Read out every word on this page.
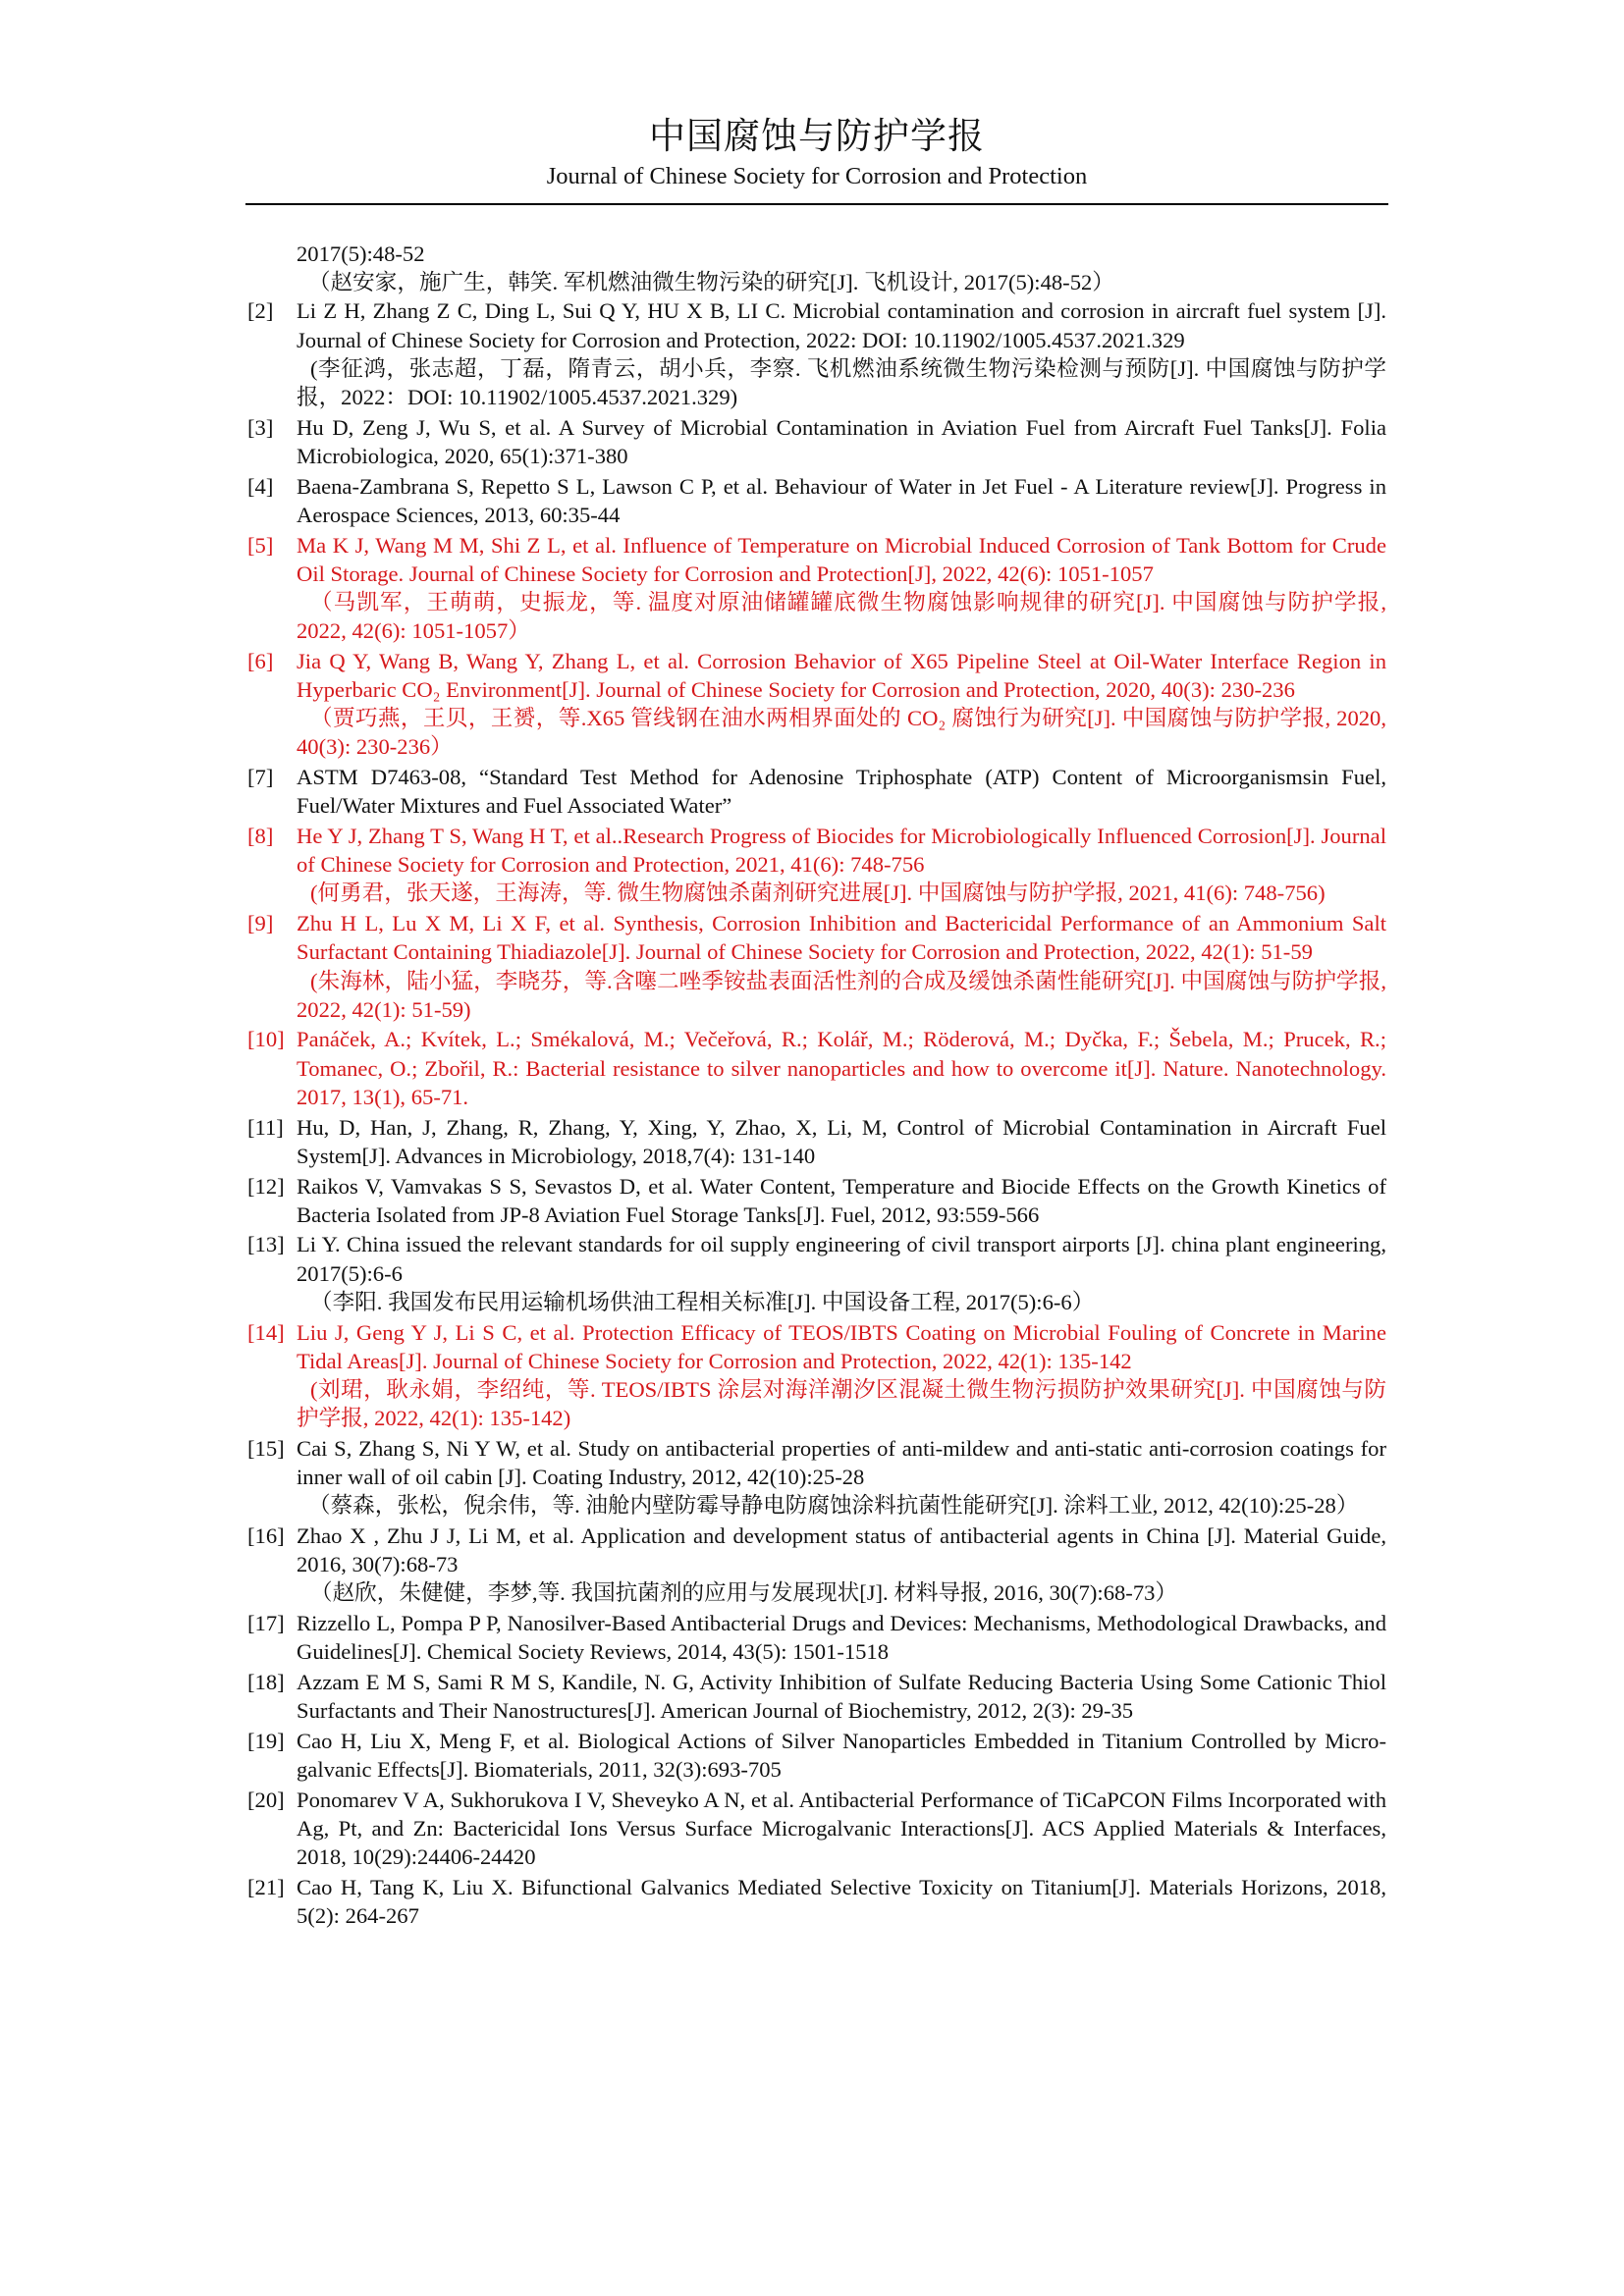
中国腐蚀与防护学报
Journal of Chinese Society for Corrosion and Protection
2017(5):48-52
（赵安家，施广生，韩笑. 军机燃油微生物污染的研究[J]. 飞机设计, 2017(5):48-52）
[2] Li Z H, Zhang Z C, Ding L, Sui Q Y, HU X B, LI C. Microbial contamination and corrosion in aircraft fuel system [J]. Journal of Chinese Society for Corrosion and Protection, 2022: DOI: 10.11902/1005.4537.2021.329
(李征鸿，张志超，丁磊，隋青云，胡小兵，李察. 飞机燃油系统微生物污染检测与预防[J]. 中国腐蚀与防护学报，2022：DOI: 10.11902/1005.4537.2021.329)
[3] Hu D, Zeng J, Wu S, et al. A Survey of Microbial Contamination in Aviation Fuel from Aircraft Fuel Tanks[J]. Folia Microbiologica, 2020, 65(1):371-380
[4] Baena-Zambrana S, Repetto S L, Lawson C P, et al. Behaviour of Water in Jet Fuel - A Literature review[J]. Progress in Aerospace Sciences, 2013, 60:35-44
[5] Ma K J, Wang M M, Shi Z L, et al. Influence of Temperature on Microbial Induced Corrosion of Tank Bottom for Crude Oil Storage. Journal of Chinese Society for Corrosion and Protection[J], 2022, 42(6): 1051-1057
（马凯军，王萌萌，史振龙，等. 温度对原油储罐罐底微生物腐蚀影响规律的研究[J]. 中国腐蚀与防护学报, 2022, 42(6): 1051-1057）
[6] Jia Q Y, Wang B, Wang Y, Zhang L, et al. Corrosion Behavior of X65 Pipeline Steel at Oil-Water Interface Region in Hyperbaric CO₂ Environment[J]. Journal of Chinese Society for Corrosion and Protection, 2020, 40(3): 230-236
（贾巧燕，王贝，王赟，等.X65 管线钢在油水两相界面处的 CO₂ 腐蚀行为研究[J]. 中国腐蚀与防护学报, 2020, 40(3): 230-236）
[7] ASTM D7463-08, “Standard Test Method for Adenosine Triphosphate (ATP) Content of Microorganismsin Fuel, Fuel/Water Mixtures and Fuel Associated Water”
[8] He Y J, Zhang T S, Wang H T, et al..Research Progress of Biocides for Microbiologically Influenced Corrosion[J]. Journal of Chinese Society for Corrosion and Protection, 2021, 41(6): 748-756
(何勇君，张天遂，王海涛，等. 微生物腐蚀杀菌剂研究进展[J]. 中国腐蚀与防护学报, 2021, 41(6): 748-756)
[9] Zhu H L, Lu X M, Li X F, et al. Synthesis, Corrosion Inhibition and Bactericidal Performance of an Ammonium Salt Surfactant Containing Thiadiazole[J]. Journal of Chinese Society for Corrosion and Protection, 2022, 42(1): 51-59
(朱海林，陆小猛，李晓芬，等.含噻二唑季铵盐表面活性剂的合成及缓蚀杀菌性能研究[J]. 中国腐蚀与防护学报, 2022, 42(1): 51-59)
[10] Panáček, A.; Kvítek, L.; Smékalová, M.; Večeřová, R.; Kolář, M.; Röderová, M.; Dyčka, F.; Šebela, M.; Prucek, R.; Tomanec, O.; Zbořil, R.: Bacterial resistance to silver nanoparticles and how to overcome it[J]. Nature. Nanotechnology. 2017, 13(1), 65-71.
[11] Hu, D, Han, J, Zhang, R, Zhang, Y, Xing, Y, Zhao, X, Li, M, Control of Microbial Contamination in Aircraft Fuel System[J]. Advances in Microbiology, 2018,7(4): 131-140
[12] Raikos V, Vamvakas S S, Sevastos D, et al. Water Content, Temperature and Biocide Effects on the Growth Kinetics of Bacteria Isolated from JP-8 Aviation Fuel Storage Tanks[J]. Fuel, 2012, 93:559-566
[13] Li Y. China issued the relevant standards for oil supply engineering of civil transport airports [J]. china plant engineering, 2017(5):6-6
（李阳. 我国发布民用运输机场供油工程相关标准[J]. 中国设备工程, 2017(5):6-6）
[14] Liu J, Geng Y J, Li S C, et al. Protection Efficacy of TEOS/IBTS Coating on Microbial Fouling of Concrete in Marine Tidal Areas[J]. Journal of Chinese Society for Corrosion and Protection, 2022, 42(1): 135-142
(刘珺，耿永娟，李绍纯，等. TEOS/IBTS 涂层对海洋潮汐区混凝土微生物污损防护效果研究[J]. 中国腐蚀与防护学报, 2022, 42(1): 135-142)
[15] Cai S, Zhang S, Ni Y W, et al. Study on antibacterial properties of anti-mildew and anti-static anti-corrosion coatings for inner wall of oil cabin [J]. Coating Industry, 2012, 42(10):25-28
（蔡森，张松，倪余伟，等. 油舱内壁防霉导静电防腐蚀涂料抗菌性能研究[J]. 涂料工业, 2012, 42(10):25-28）
[16] Zhao X , Zhu J J, Li M, et al. Application and development status of antibacterial agents in China [J]. Material Guide, 2016, 30(7):68-73
（赵欣，朱健健，李梦,等. 我国抗菌剂的应用与发展现状[J]. 材料导报, 2016, 30(7):68-73）
[17] Rizzello L, Pompa P P, Nanosilver-Based Antibacterial Drugs and Devices: Mechanisms, Methodological Drawbacks, and Guidelines[J]. Chemical Society Reviews, 2014, 43(5): 1501-1518
[18] Azzam E M S, Sami R M S, Kandile, N. G, Activity Inhibition of Sulfate Reducing Bacteria Using Some Cationic Thiol Surfactants and Their Nanostructures[J]. American Journal of Biochemistry, 2012, 2(3): 29-35
[19] Cao H, Liu X, Meng F, et al. Biological Actions of Silver Nanoparticles Embedded in Titanium Controlled by Micro-galvanic Effects[J]. Biomaterials, 2011, 32(3):693-705
[20] Ponomarev V A, Sukhorukova I V, Sheveyko A N, et al. Antibacterial Performance of TiCaPCON Films Incorporated with Ag, Pt, and Zn: Bactericidal Ions Versus Surface Microgalvanic Interactions[J]. ACS Applied Materials & Interfaces, 2018, 10(29):24406-24420
[21] Cao H, Tang K, Liu X. Bifunctional Galvanics Mediated Selective Toxicity on Titanium[J]. Materials Horizons, 2018, 5(2): 264-267
